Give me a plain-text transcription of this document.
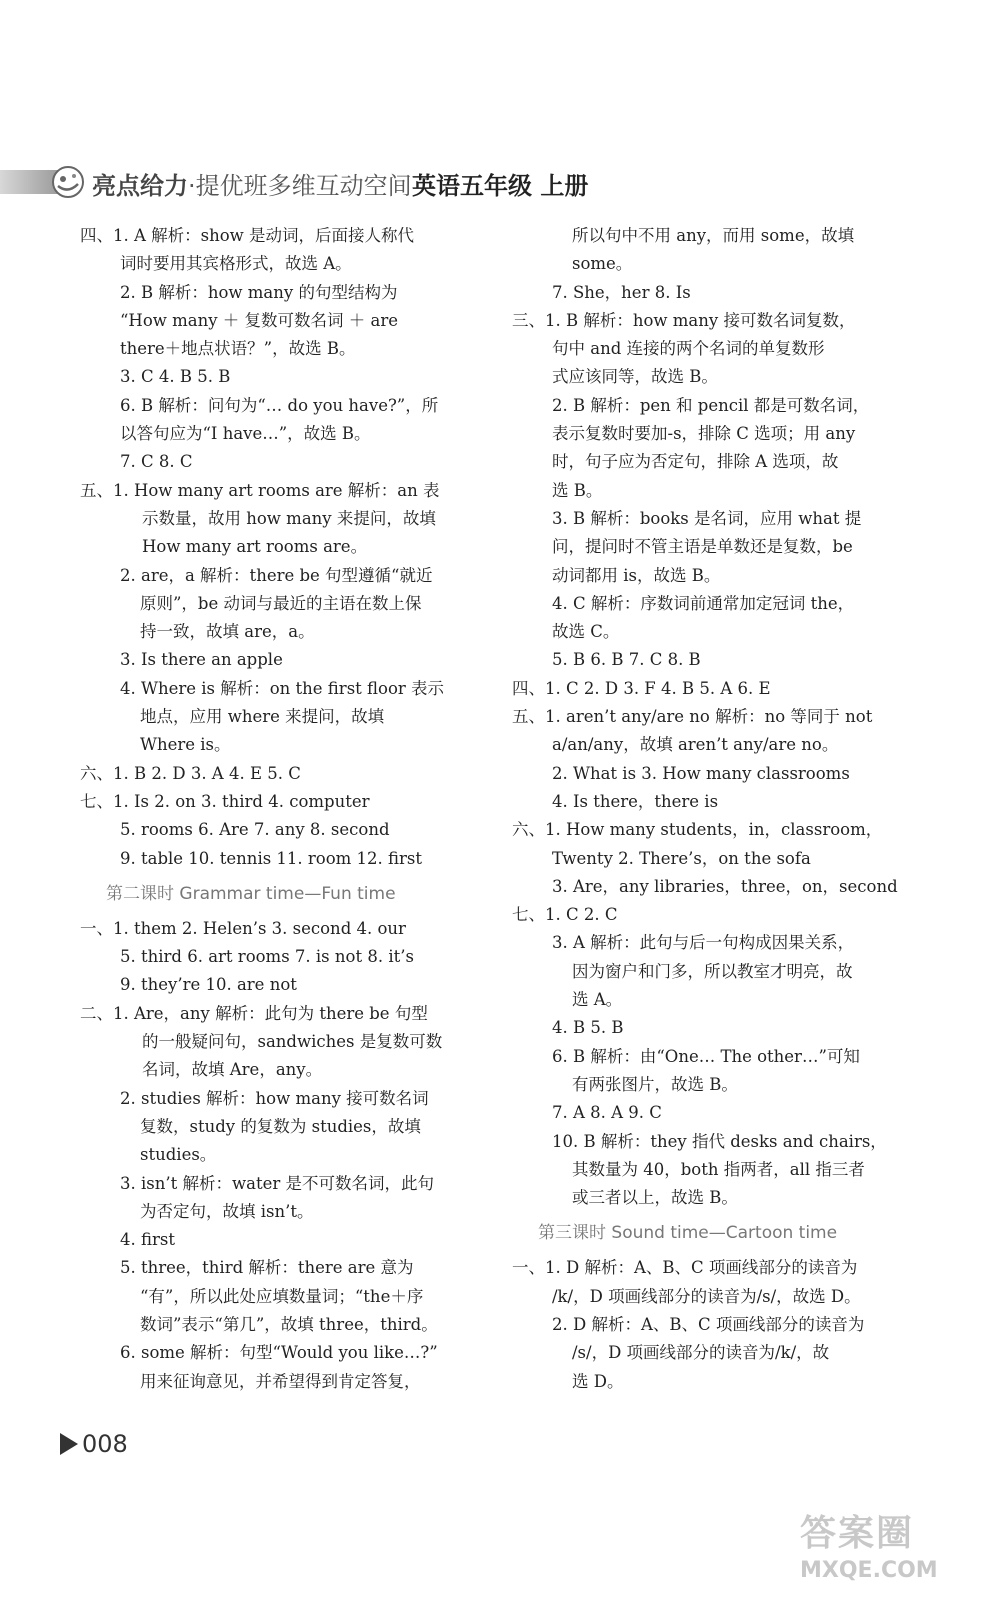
亮点给力·提优班多维互动空间 英语五年级 上册
四、1. A 解析：show 是动词，后面接人称代
词时要用其宾格形式，故选 A。
2. B 解析：how many 的句型结构为
“How many ＋ 复数可数名词 ＋ are
there＋地点状语？”，故选 B。
3. C 4. B 5. B
6. B 解析：问句为“… do you have?”，所
以答句应为“I have…”，故选 B。
7. C 8. C
五、1. How many art rooms are 解析：an 表
示数量，故用 how many 来提问，故填
How many art rooms are。
2. are，a 解析：there be 句型遵循“就近
原则”，be 动词与最近的主语在数上保
持一致，故填 are，a。
3. Is there an apple
4. Where is 解析：on the first floor 表示
地点，应用 where 来提问，故填
Where is。
六、1. B 2. D 3. A 4. E 5. C
七、1. Is 2. on 3. third 4. computer
5. rooms 6. Are 7. any 8. second
9. table 10. tennis 11. room 12. first
第二课时 Grammar time—Fun time
一、1. them 2. Helen’s 3. second 4. our
5. third 6. art rooms 7. is not 8. it’s
9. they’re 10. are not
二、1. Are，any 解析：此句为 there be 句型
的一般疑问句，sandwiches 是复数可数
名词，故填 Are，any。
2. studies 解析：how many 接可数名词
复数，study 的复数为 studies，故填
studies。
3. isn’t 解析：water 是不可数名词，此句
为否定句，故填 isn’t。
4. first
5. three，third 解析：there are 意为
“有”，所以此处应填数量词；“the＋序
数词”表示“第几”，故填 three，third。
6. some 解析：句型“Would you like…?”
用来征询意见，并希望得到肯定答复，
所以句中不用 any，而用 some，故填
some。
7. She，her 8. Is
三、1. B 解析：how many 接可数名词复数，
句中 and 连接的两个名词的单复数形
式应该同等，故选 B。
2. B 解析：pen 和 pencil 都是可数名词，
表示复数时要加-s，排除 C 选项；用 any
时，句子应为否定句，排除 A 选项，故
选 B。
3. B 解析：books 是名词，应用 what 提
问，提问时不管主语是单数还是复数，be
动词都用 is，故选 B。
4. C 解析：序数词前通常加定冠词 the，
故选 C。
5. B 6. B 7. C 8. B
四、1. C 2. D 3. F 4. B 5. A 6. E
五、1. aren’t any/are no 解析：no 等同于 not
a/an/any，故填 aren’t any/are no。
2. What is 3. How many classrooms
4. Is there，there is
六、1. How many students，in，classroom，
Twenty 2. There’s，on the sofa
3. Are，any libraries，three，on，second
七、1. C 2. C
3. A 解析：此句与后一句构成因果关系，
因为窗户和门多，所以教室才明亮，故
选 A。
4. B 5. B
6. B 解析：由“One… The other…”可知
有两张图片，故选 B。
7. A 8. A 9. C
10. B 解析：they 指代 desks and chairs，
其数量为 40，both 指两者，all 指三者
或三者以上，故选 B。
第三课时 Sound time—Cartoon time
一、1. D 解析：A、B、C 项画线部分的读音为
/k/，D 项画线部分的读音为/s/，故选 D。
2. D 解析：A、B、C 项画线部分的读音为
/s/，D 项画线部分的读音为/k/，故
选 D。
008
答案圈
MXQE.COM
